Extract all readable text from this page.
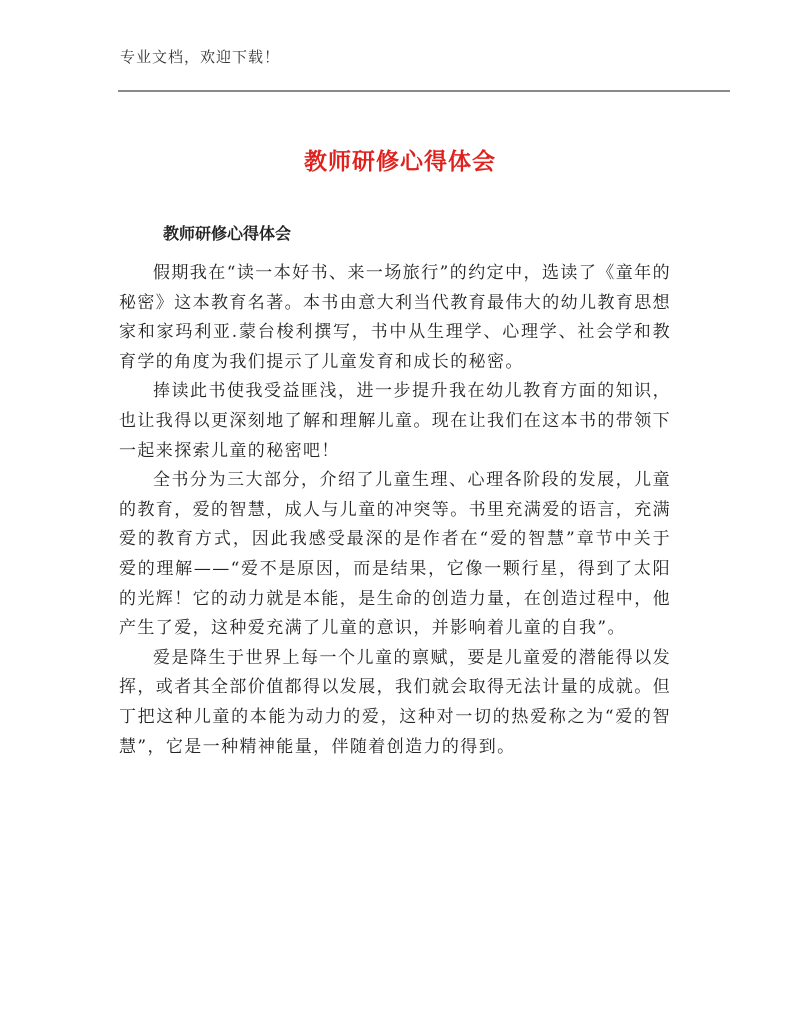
专业文档，欢迎下载！
教师研修心得体会
教师研修心得体会

假期我在“读一本好书、来一场旅行”的约定中，选读了《童年的秘密》这本教育名著。本书由意大利当代教育最伟大的幼儿教育思想家和家玛利亚.蒙台梭利撰写，书中从生理学、心理学、社会学和教育学的角度为我们提示了儿童发育和成长的秘密。

捧读此书使我受益匪浅，进一步提升我在幼儿教育方面的知识，也让我得以更深刻地了解和理解儿童。现在让我们在这本书的带领下一起来探索儿童的秘密吧！

全书分为三大部分，介绍了儿童生理、心理各阶段的发展，儿童的教育，爱的智慧，成人与儿童的冲突等。书里充满爱的语言，充满爱的教育方式，因此我感受最深的是作者在“爱的智慧”章节中关于爱的理解——“爱不是原因，而是结果，它像一颗行星，得到了太阳的光辉！它的动力就是本能，是生命的创造力量，在创造过程中，他产生了爱，这种爱充满了儿童的意识，并影响着儿童的自我”。

爱是降生于世界上每一个儿童的禀赋，要是儿童爱的潜能得以发挥，或者其全部价值都得以发展，我们就会取得无法计量的成就。但丁把这种儿童的本能为动力的爱，这种对一切的热爱称之为“爱的智慧”，它是一种精神能量，伴随着创造力的得到。
